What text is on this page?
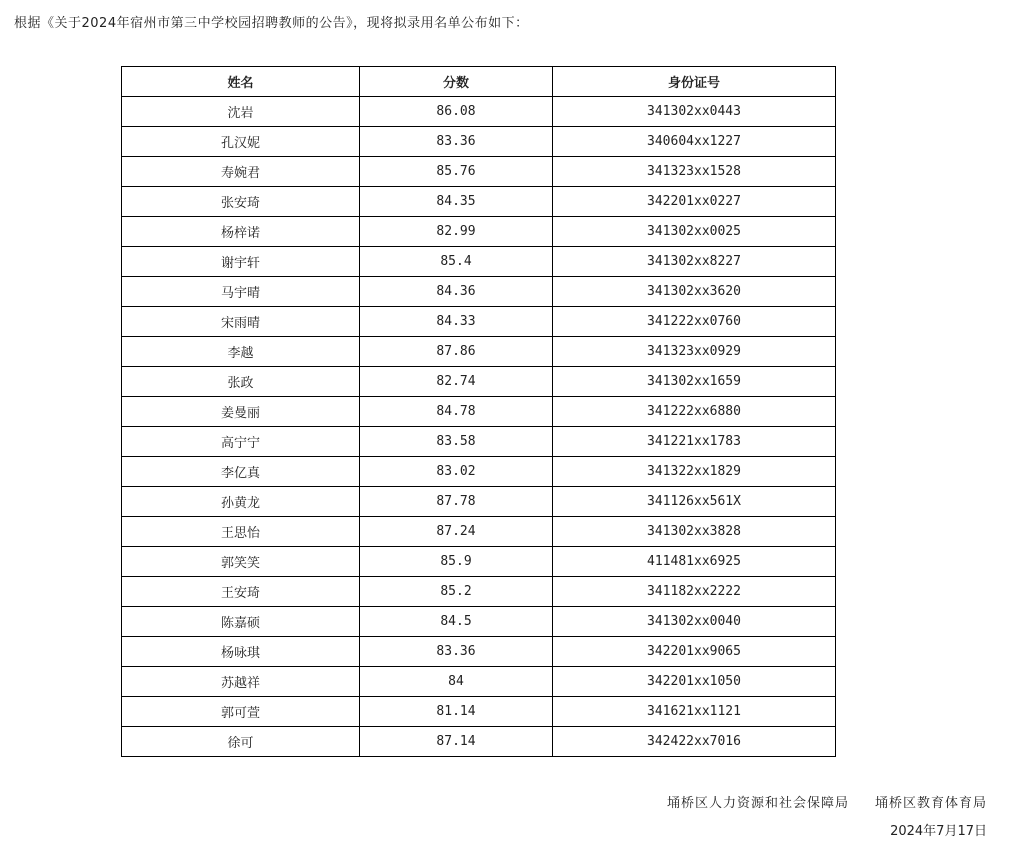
根据《关于2024年宿州市第三中学校园招聘教师的公告》，现将拟录用名单公布如下：
姓名	分数	身份证号
沈岩	86.08	341302xx0443
孔汉妮	83.36	340604xx1227
寿婉君	85.76	341323xx1528
张安琦	84.35	342201xx0227
杨梓诺	82.99	341302xx0025
谢宇轩	85.4	341302xx8227
马宇晴	84.36	341302xx3620
宋雨晴	84.33	341222xx0760
李越	87.86	341323xx0929
张政	82.74	341302xx1659
姜曼丽	84.78	341222xx6880
高宁宁	83.58	341221xx1783
李亿真	83.02	341322xx1829
孙黄龙	87.78	341126xx561X
王思怡	87.24	341302xx3828
郭笑笑	85.9	411481xx6925
王安琦	85.2	341182xx2222
陈嘉硕	84.5	341302xx0040
杨咏琪	83.36	342201xx9065
苏越祥	84	342201xx1050
郭可萱	81.14	341621xx1121
徐可	87.14	342422xx7016
埇桥区人力资源和社会保障局 埇桥区教育体育局
2024年7月17日
